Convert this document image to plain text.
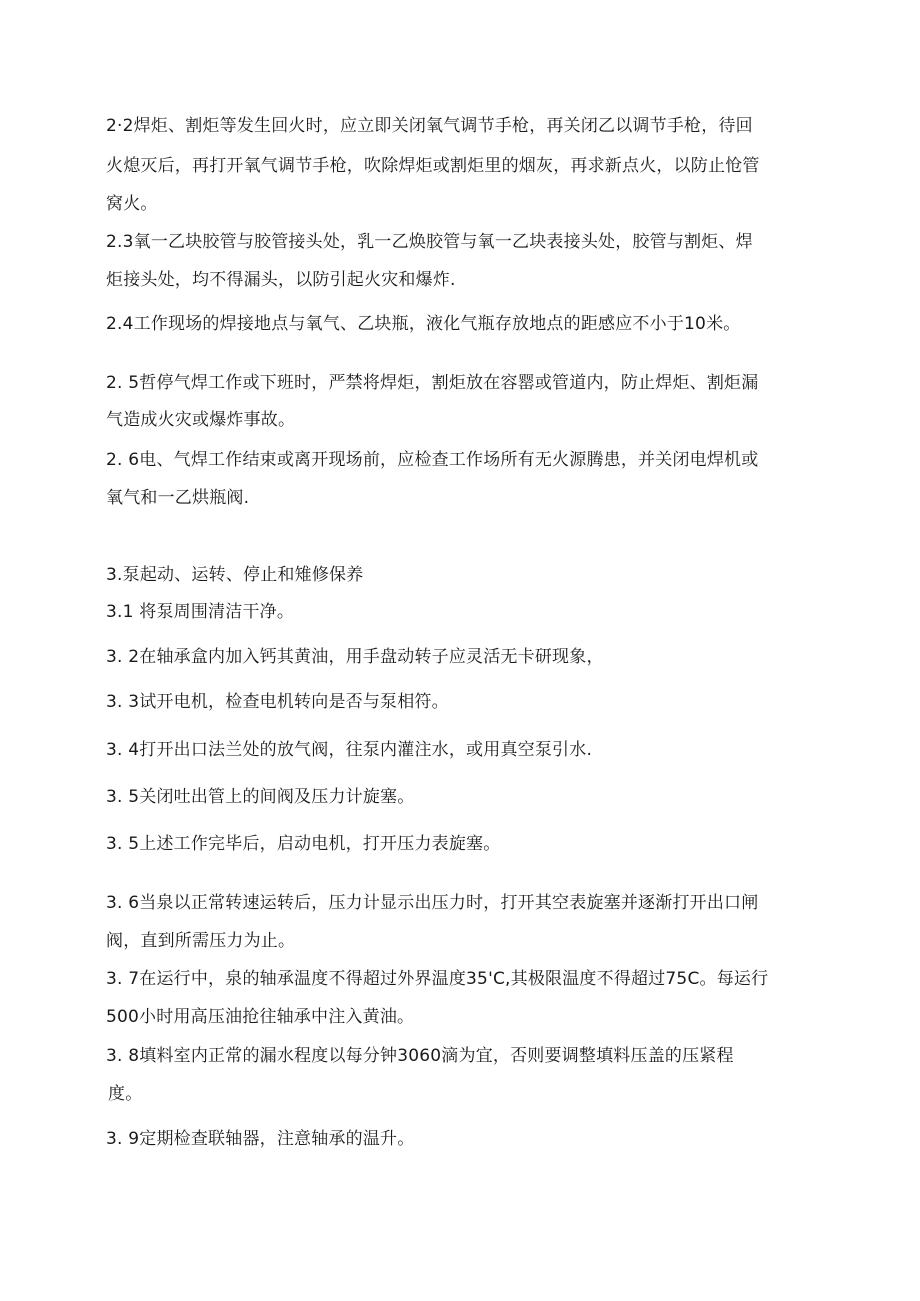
2·2焊炬、割炬等发生回火时，应立即关闭氧气调节手枪，再关闭乙以调节手枪，待回
火熄灭后，再打开氧气调节手枪，吹除焊炬或割炬里的烟灰，再求新点火，以防止怆管
窝火。
2.3氧一乙块胶管与胶管接头处，乳一乙焕胶管与氧一乙块表接头处，胶管与割炬、焊
炬接头处，均不得漏头，以防引起火灾和爆炸.
2.4工作现场的焊接地点与氧气、乙块瓶，液化气瓶存放地点的距感应不小于10米。
2. 5哲停气焊工作或下班时，严禁将焊炬，割炬放在容罂或管道内，防止焊炬、割炬漏
气造成火灾或爆炸事故。
2. 6电、气焊工作结束或离开现场前，应检查工作场所有无火源腾患，并关闭电焊机或
氧气和一乙烘瓶阀.
3.泵起动、运转、停止和雉修保养
3.1 将泵周围清洁干净。
3. 2在轴承盒内加入钙其黄油，用手盘动转子应灵活无卡研现象，
3. 3试开电机，检查电机转向是否与泵相符。
3. 4打开出口法兰处的放气阀，往泵内灌注水，或用真空泵引水.
3. 5关闭吐出管上的间阀及压力计旋塞。
3. 5上述工作完毕后，启动电机，打开压力表旋塞。
3. 6当泉以正常转速运转后，压力计显示出压力时，打开其空表旋塞并逐渐打开出口闸
阀，直到所需压力为止。
3. 7在运行中，泉的轴承温度不得超过外界温度35'C,其极限温度不得超过75C。每运行
500小时用高压油抢往轴承中注入黄油。
3. 8填料室内正常的漏水程度以每分钟3060滴为宜，否则要调整填料压盖的压紧程
度。
3. 9定期检查联轴器，注意轴承的温升。
